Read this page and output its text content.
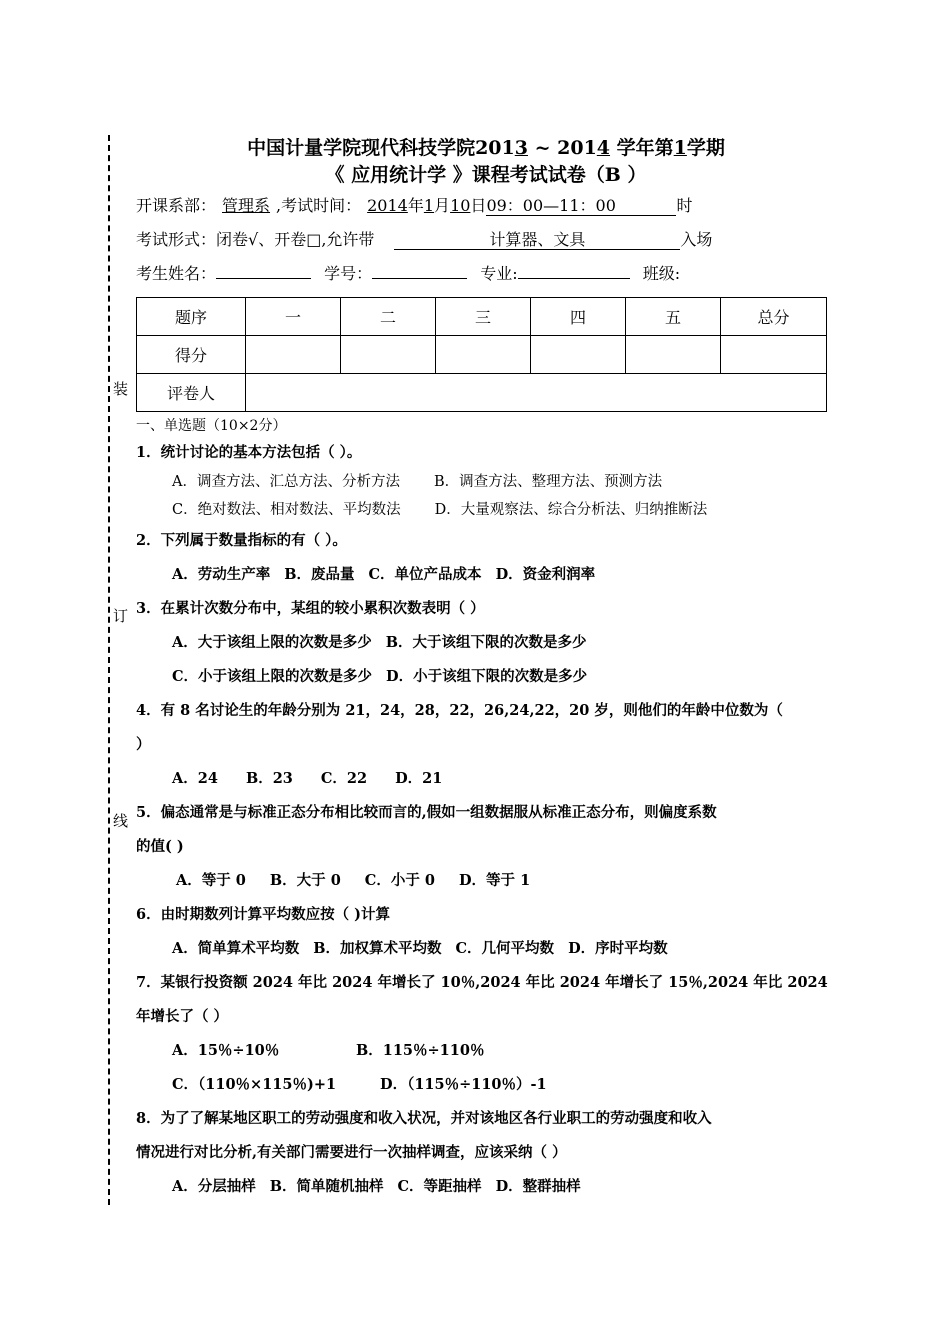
装
订
线
中国计量学院现代科技学院2013 ~ 2014 学年第1学期
《 应用统计学 》课程考试试卷（B ）
开课系部： 管理系 ,考试时间： 2014年1月10日09：00—11：00	时
考试形式：闭卷√、开卷□,允许带	计算器、文具	入场
考生姓名：	学号：	专业:	班级:
题序	一	二	三	四	五	总分
得分						
评卷人						
一、单选题（10×2分）
1．统计讨论的基本方法包括（ ）。
A．调查方法、汇总方法、分析方法 B．调查方法、整理方法、预测方法
C．绝对数法、相对数法、平均数法 D．大量观察法、综合分析法、归纳推断法
2．下列属于数量指标的有（ ）。
A．劳动生产率 B．废品量 C．单位产品成本 D．资金利润率
3．在累计次数分布中，某组的较小累积次数表明（ ）
A．大于该组上限的次数是多少 B．大于该组下限的次数是多少
C．小于该组上限的次数是多少 D．小于该组下限的次数是多少
4．有 8 名讨论生的年龄分别为 21，24，28，22，26,24,22，20 岁，则他们的年龄中位数为（
）
A．24 B．23 C．22 D．21
5．偏态通常是与标准正态分布相比较而言的,假如一组数据服从标准正态分布，则偏度系数
的值( )
A．等于 0 B．大于 0 C．小于 0 D．等于 1
6．由时期数列计算平均数应按（ )计算
A．简单算术平均数 B．加权算术平均数 C．几何平均数 D．序时平均数
7．某银行投资额 2024 年比 2024 年增长了 10％,2024 年比 2024 年增长了 15％,2024 年比 2024
年增长了（ ）
A．15％÷10％	B．115％÷110％
C．（110％×115％)+1	D．（115％÷110％）-1
8．为了了解某地区职工的劳动强度和收入状况，并对该地区各行业职工的劳动强度和收入
情况进行对比分析,有关部门需要进行一次抽样调查，应该采纳（ ）
A．分层抽样 B．简单随机抽样 C．等距抽样 D．整群抽样
